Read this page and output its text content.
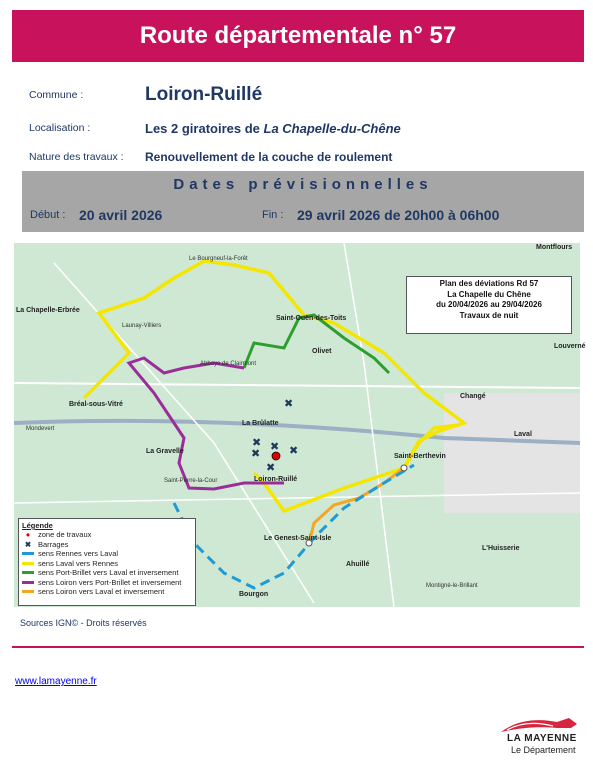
Route départementale n° 57
Commune :	Loiron-Ruillé
Localisation :	Les 2 giratoires de La Chapelle-du-Chêne
Nature des travaux : Renouvellement de la couche de roulement
Dates prévisionnelles
Début : 20 avril 2026	Fin : 29 avril 2026 de 20h00 à 06h00
✖
✖
✖
✖ ✖
✖
Le Bourgneuf-la-Forêt
La Chapelle-Erbrée
Launay-Villiers
Saint-Ouën-des-Toits
Olivet
Abbaye de Clairmont
Bréal-sous-Vitré
Mondevert
La Brûlatte
La Gravelle
Loiron-Ruillé
Saint-Berthevin
Changé
Le Genest-Saint-Isle
Ahuillé
Montigné-le-Brillant
L'Huisserie
Laval
Montflours
Louverné
Saint-Pierre-la-Cour
Bourgon
Plan des déviations Rd 57
La Chapelle du Chêne
du 20/04/2026 au 29/04/2026
Travaux de nuit
Légende
●	zone de travaux
✖ Barrages
sens Rennes vers Laval
sens Laval vers Rennes
sens Port-Brillet vers Laval et inversement
sens Loiron vers Port-Brillet et inversement
sens Loiron vers Laval et inversement
Sources IGN© - Droits réservés
www.lamayenne.fr
LA MAYENNE
Le Département
